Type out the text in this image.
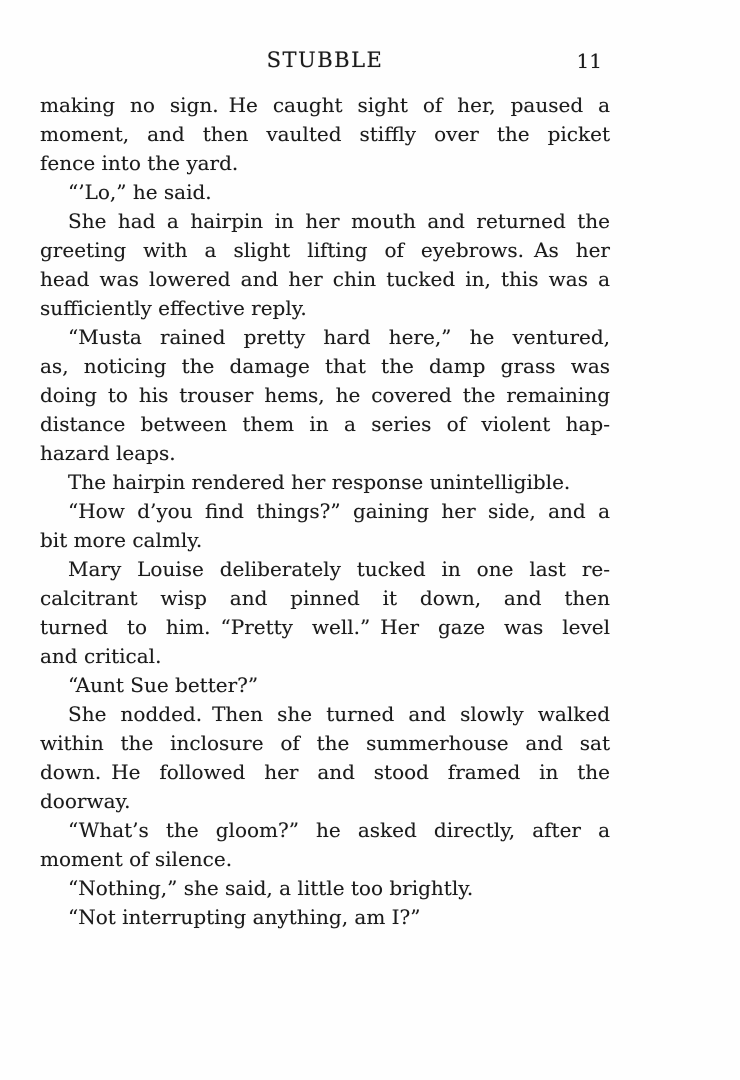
STUBBLE	11

making no sign. He caught sight of her, paused a
moment, and then vaulted stiffly over the picket
fence into the yard.

“’Lo,” he said.

She had a hairpin in her mouth and returned the
greeting with a slight lifting of eyebrows. As her
head was lowered and her chin tucked in, this was a
sufficiently effective reply.

“Musta rained pretty hard here,” he ventured,
as, noticing the damage that the damp grass was
doing to his trouser hems, he covered the remaining
distance between them in a series of violent hap-
hazard leaps.

The hairpin rendered her response unintelligible.

“How d’you find things?” gaining her side, and a
bit more calmly.

Mary Louise deliberately tucked in one last re-
calcitrant wisp and pinned it down, and then
turned to him. “Pretty well.” Her gaze was level
and critical.

“Aunt Sue better?”

She nodded. Then she turned and slowly walked
within the inclosure of the summerhouse and sat
down. He followed her and stood framed in the
doorway.

“What’s the gloom?” he asked directly, after a
moment of silence.

“Nothing,” she said, a little too brightly.

“Not interrupting anything, am I?”
